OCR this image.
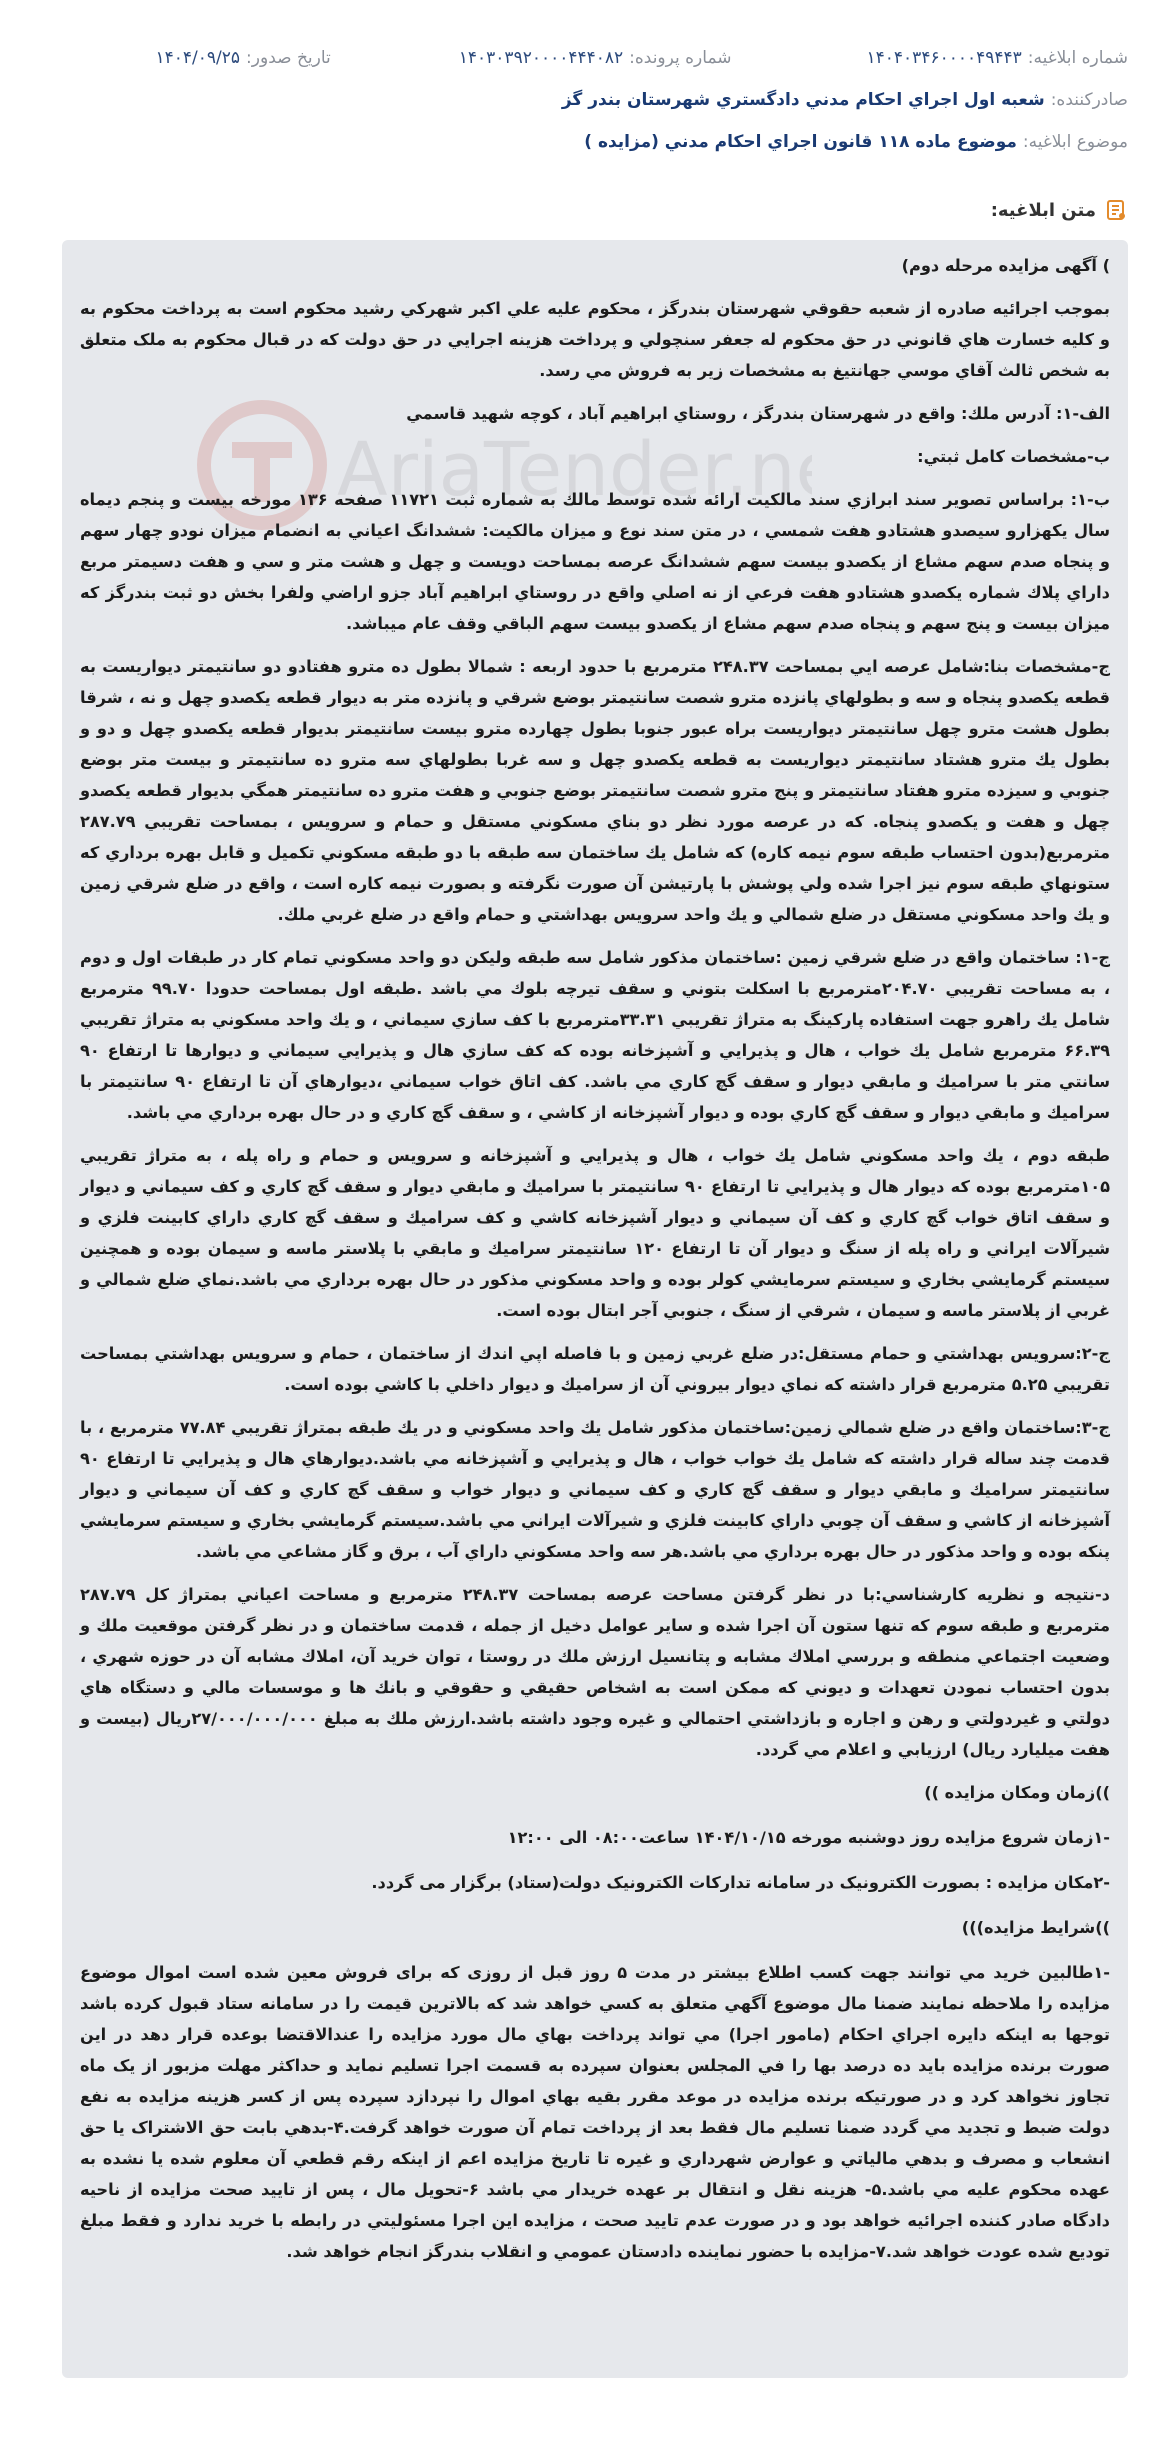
شماره ابلاغيه:
۱۴۰۴۰۳۴۶۰۰۰۰۴۹۴۴۳
شماره پرونده:
۱۴۰۳۰۳۹۲۰۰۰۰۴۴۴۰۸۲
تاريخ صدور:
۱۴۰۴/۰۹/۲۵
صادرکننده:
شعبه اول اجراي احکام مدني دادگستري شهرستان بندر گز
موضوع ابلاغيه:
موضوع ماده ۱۱۸ قانون اجراي احکام مدني (مزايده )
متن ابلاغيه:
AriaTender.n

) آگهی مزایده مرحله دوم)

بموجب اجرائيه صادره از شعبه حقوقي شهرستان بندرگز ، محکوم عليه علي اکبر شهرکي رشيد محکوم است به پرداخت محکوم به و کليه خسارت هاي قانوني در حق محکوم له جعفر سنچولي و پرداخت هزينه اجرايي در حق دولت که در قبال محکوم به ملک متعلق به شخص ثالث آقاي موسي جهانتيغ به مشخصات زير به فروش مي رسد.

الف-۱: آدرس ملك: واقع در شهرستان بندرگز ، روستاي ابراهيم آباد ، کوچه شهيد قاسمي

ب-مشخصات کامل ثبتي:

ب-۱: براساس تصوير سند ابرازي سند مالكيت ارائه شده توسط مالك به شماره ثبت ۱۱۷۲۱ صفحه ۱۳۶ مورخه بيست و پنجم ديماه سال يكهزارو سيصدو هشتادو هفت شمسي ، در متن سند نوع و ميزان مالكيت: ششدانگ اعياني به انضمام ميزان نودو چهار سهم و پنجاه صدم سهم مشاع از يكصدو بيست سهم ششدانگ عرصه بمساحت دويست و چهل و هشت متر و سي و هفت دسيمتر مربع داراي پلاك شماره يكصدو هشتادو هفت فرعي از نه اصلي واقع در روستاي ابراهيم آباد جزو اراضي ولفرا بخش دو ثبت بندرگز كه ميزان بيست و پنج سهم و پنجاه صدم سهم مشاع از يكصدو بيست سهم الباقي وقف عام ميباشد.

ج-مشخصات بنا:شامل عرصه ايي بمساحت ۲۴۸.۳۷ مترمربع با حدود اربعه : شمالا بطول ده مترو هفتادو دو سانتيمتر ديواريست به قطعه يكصدو پنجاه و سه و بطولهاي پانزده مترو شصت سانتيمتر بوضع شرقي و پانزده متر به ديوار قطعه يكصدو چهل و نه ، شرقا بطول هشت مترو چهل سانتيمتر ديواريست براه عبور جنوبا بطول چهارده مترو بيست سانتيمتر بديوار قطعه يكصدو چهل و دو و بطول يك مترو هشتاد سانتيمتر ديواريست به قطعه يكصدو چهل و سه غربا بطولهاي سه مترو ده سانتيمتر و بيست متر بوضع جنوبي و سيزده مترو هفتاد سانتيمتر و پنج مترو شصت سانتيمتر بوضع جنوبي و هفت مترو ده سانتيمتر همگي بديوار قطعه يكصدو چهل و هفت و يكصدو پنجاه. كه در عرصه مورد نظر دو بناي مسكوني مستقل و حمام و سرويس ، بمساحت تقريبي ۲۸۷.۷۹ مترمربع(بدون احتساب طبقه سوم نيمه كاره) كه شامل يك ساختمان سه طبقه با دو طبقه مسكوني تكميل و قابل بهره برداري كه ستونهاي طبقه سوم نيز اجرا شده ولي پوشش با پارتيشن آن صورت نگرفته و بصورت نيمه كاره است ، واقع در ضلع شرقي زمين و يك واحد مسكوني مستقل در ضلع شمالي و يك واحد سرويس بهداشتي و حمام واقع در ضلع غربي ملك.

ج-۱: ساختمان واقع در ضلع شرقي زمين :ساختمان مذكور شامل سه طبقه وليكن دو واحد مسكوني تمام كار در طبقات اول و دوم ، به مساحت تقريبي ۲۰۴.۷۰مترمربع با اسكلت بتوني و سقف تيرچه بلوك مي باشد .طبقه اول بمساحت حدودا ۹۹.۷۰ مترمربع شامل يك راهرو جهت استفاده پاركينگ به متراژ تقريبي ۳۳.۳۱مترمربع با كف سازي سيماني ، و يك واحد مسكوني به متراژ تقريبي ۶۶.۳۹ مترمربع شامل يك خواب ، هال و پذيرايي و آشپزخانه بوده كه كف سازي هال و پذيرايي سيماني و ديوارها تا ارتفاع ۹۰ سانتي متر با سراميك و مابقي ديوار و سقف گچ كاري مي باشد. كف اتاق خواب سيماني ،ديوارهاي آن تا ارتفاع ۹۰ سانتيمتر با سراميك و مابقي ديوار و سقف گچ كاري بوده و ديوار آشپزخانه از كاشي ، و سقف گچ كاري و در حال بهره برداري مي باشد.

طبقه دوم ، يك واحد مسكوني شامل يك خواب ، هال و پذيرايي و آشپزخانه و سرويس و حمام و راه پله ، به متراژ تقريبي ۱۰۵مترمربع بوده كه ديوار هال و پذيرايي تا ارتفاع ۹۰ سانتيمتر با سراميك و مابقي ديوار و سقف گچ كاري و كف سيماني و ديوار و سقف اتاق خواب گچ كاري و كف آن سيماني و ديوار آشپزخانه كاشي و كف سراميك و سقف گچ كاري داراي كابينت فلزي و شيرآلات ايراني و راه پله از سنگ و ديوار آن تا ارتفاع ۱۲۰ سانتيمتر سراميك و مابقي با پلاستر ماسه و سيمان بوده و همچنين سيستم گرمايشي بخاري و سيستم سرمايشي كولر بوده و واحد مسكوني مذكور در حال بهره برداري مي باشد.نماي ضلع شمالي و غربي از پلاستر ماسه و سيمان ، شرقي از سنگ ، جنوبي آجر ابتال بوده است.

ج-۲:سرويس بهداشتي و حمام مستقل:در ضلع غربي زمين و با فاصله اپي اندك از ساختمان ، حمام و سرويس بهداشتي بمساحت تقريبي ۵.۲۵ مترمربع قرار داشته كه نماي ديوار بيروني آن از سراميك و ديوار داخلي با كاشي بوده است.

ج-۳:ساختمان واقع در ضلع شمالي زمين:ساختمان مذكور شامل يك واحد مسكوني و در يك طبقه بمتراژ تقريبي ۷۷.۸۴ مترمربع ، با قدمت چند ساله قرار داشته كه شامل يك خواب خواب ، هال و پذيرايي و آشپزخانه مي باشد.ديوارهاي هال و پذيرايي تا ارتفاع ۹۰ سانتيمتر سراميك و مابقي ديوار و سقف گچ كاري و كف سيماني و ديوار خواب و سقف گچ كاري و كف آن سيماني و ديوار آشپزخانه از كاشي و سقف آن چوبي داراي كابينت فلزي و شيرآلات ايراني مي باشد.سيستم گرمايشي بخاري و سيستم سرمايشي پنكه بوده و واحد مذكور در حال بهره برداري مي باشد.هر سه واحد مسكوني داراي آب ، برق و گاز مشاعي مي باشد.

د-نتيجه و نظريه كارشناسي:با در نظر گرفتن مساحت عرصه بمساحت ۲۴۸.۳۷ مترمربع و مساحت اعياني بمتراژ كل ۲۸۷.۷۹ مترمربع و طبقه سوم كه تنها ستون آن اجرا شده و ساير عوامل دخيل از جمله ، قدمت ساختمان و در نظر گرفتن موقعيت ملك و وضعيت اجتماعي منطقه و بررسي املاك مشابه و پتانسيل ارزش ملك در روستا ، توان خريد آن، املاك مشابه آن در حوزه شهري ، بدون احتساب نمودن تعهدات و ديوني كه ممكن است به اشخاص حقيقي و حقوقي و بانك ها و موسسات مالي و دستگاه هاي دولتي و غيردولتي و رهن و اجاره و بازداشتي احتمالي و غيره وجود داشته باشد.ارزش ملك به مبلغ ۲۷/۰۰۰/۰۰۰/۰۰۰ريال (بيست و هفت ميليارد ريال) ارزيابي و اعلام مي گردد.

))زمان ومکان مزایده ))

-۱زمان شروع مزایده روز دوشنبه مورخه ۱۴۰۴/۱۰/۱۵ ساعت۰۸:۰۰ الی ۱۲:۰۰

-۲مکان مزایده : بصورت الکترونيک در سامانه تدارکات الکترونيک دولت(ستاد) برگزار می گردد.

))شرایط مزایده)))

-۱طالبين خريد مي توانند جهت کسب اطلاع بيشتر در مدت ۵ روز قبل از روزی که برای فروش معين شده است اموال موضوع مزايده را ملاحظه نمايند ضمنا مال موضوع آگهي متعلق به کسي خواهد شد که بالاترين قيمت را در سامانه ستاد قبول کرده باشد توجها به اينکه دايره اجراي احکام (مامور اجرا) مي تواند پرداخت بهاي مال مورد مزايده را عندالاقتضا بوعده قرار دهد در اين صورت برنده مزايده بايد ده درصد بها را في المجلس بعنوان سپرده به قسمت اجرا تسليم نمايد و حداکثر مهلت مزبور از يک ماه تجاوز نخواهد کرد و در صورتيکه برنده مزايده در موعد مقرر بقيه بهاي اموال را نپردازد سپرده پس از کسر هزينه مزايده به نفع دولت ضبط و تجديد مي گردد ضمنا تسليم مال فقط بعد از پرداخت تمام آن صورت خواهد گرفت.۴-بدهي بابت حق الاشتراک يا حق انشعاب و مصرف و بدهي مالياتي و عوارض شهرداري و غيره تا تاريخ مزايده اعم از اينکه رقم قطعي آن معلوم شده يا نشده به عهده محکوم عليه مي باشد.۵- هزينه نقل و انتقال بر عهده خريدار مي باشد ۶-تحويل مال ، پس از تاييد صحت مزايده از ناحيه دادگاه صادر کننده اجرائيه خواهد بود و در صورت عدم تاييد صحت ، مزايده اين اجرا مسئوليتي در رابطه با خريد ندارد و فقط مبلغ توديع شده عودت خواهد شد.۷-مزايده با حضور نماينده دادستان عمومي و انقلاب بندرگز انجام خواهد شد.
